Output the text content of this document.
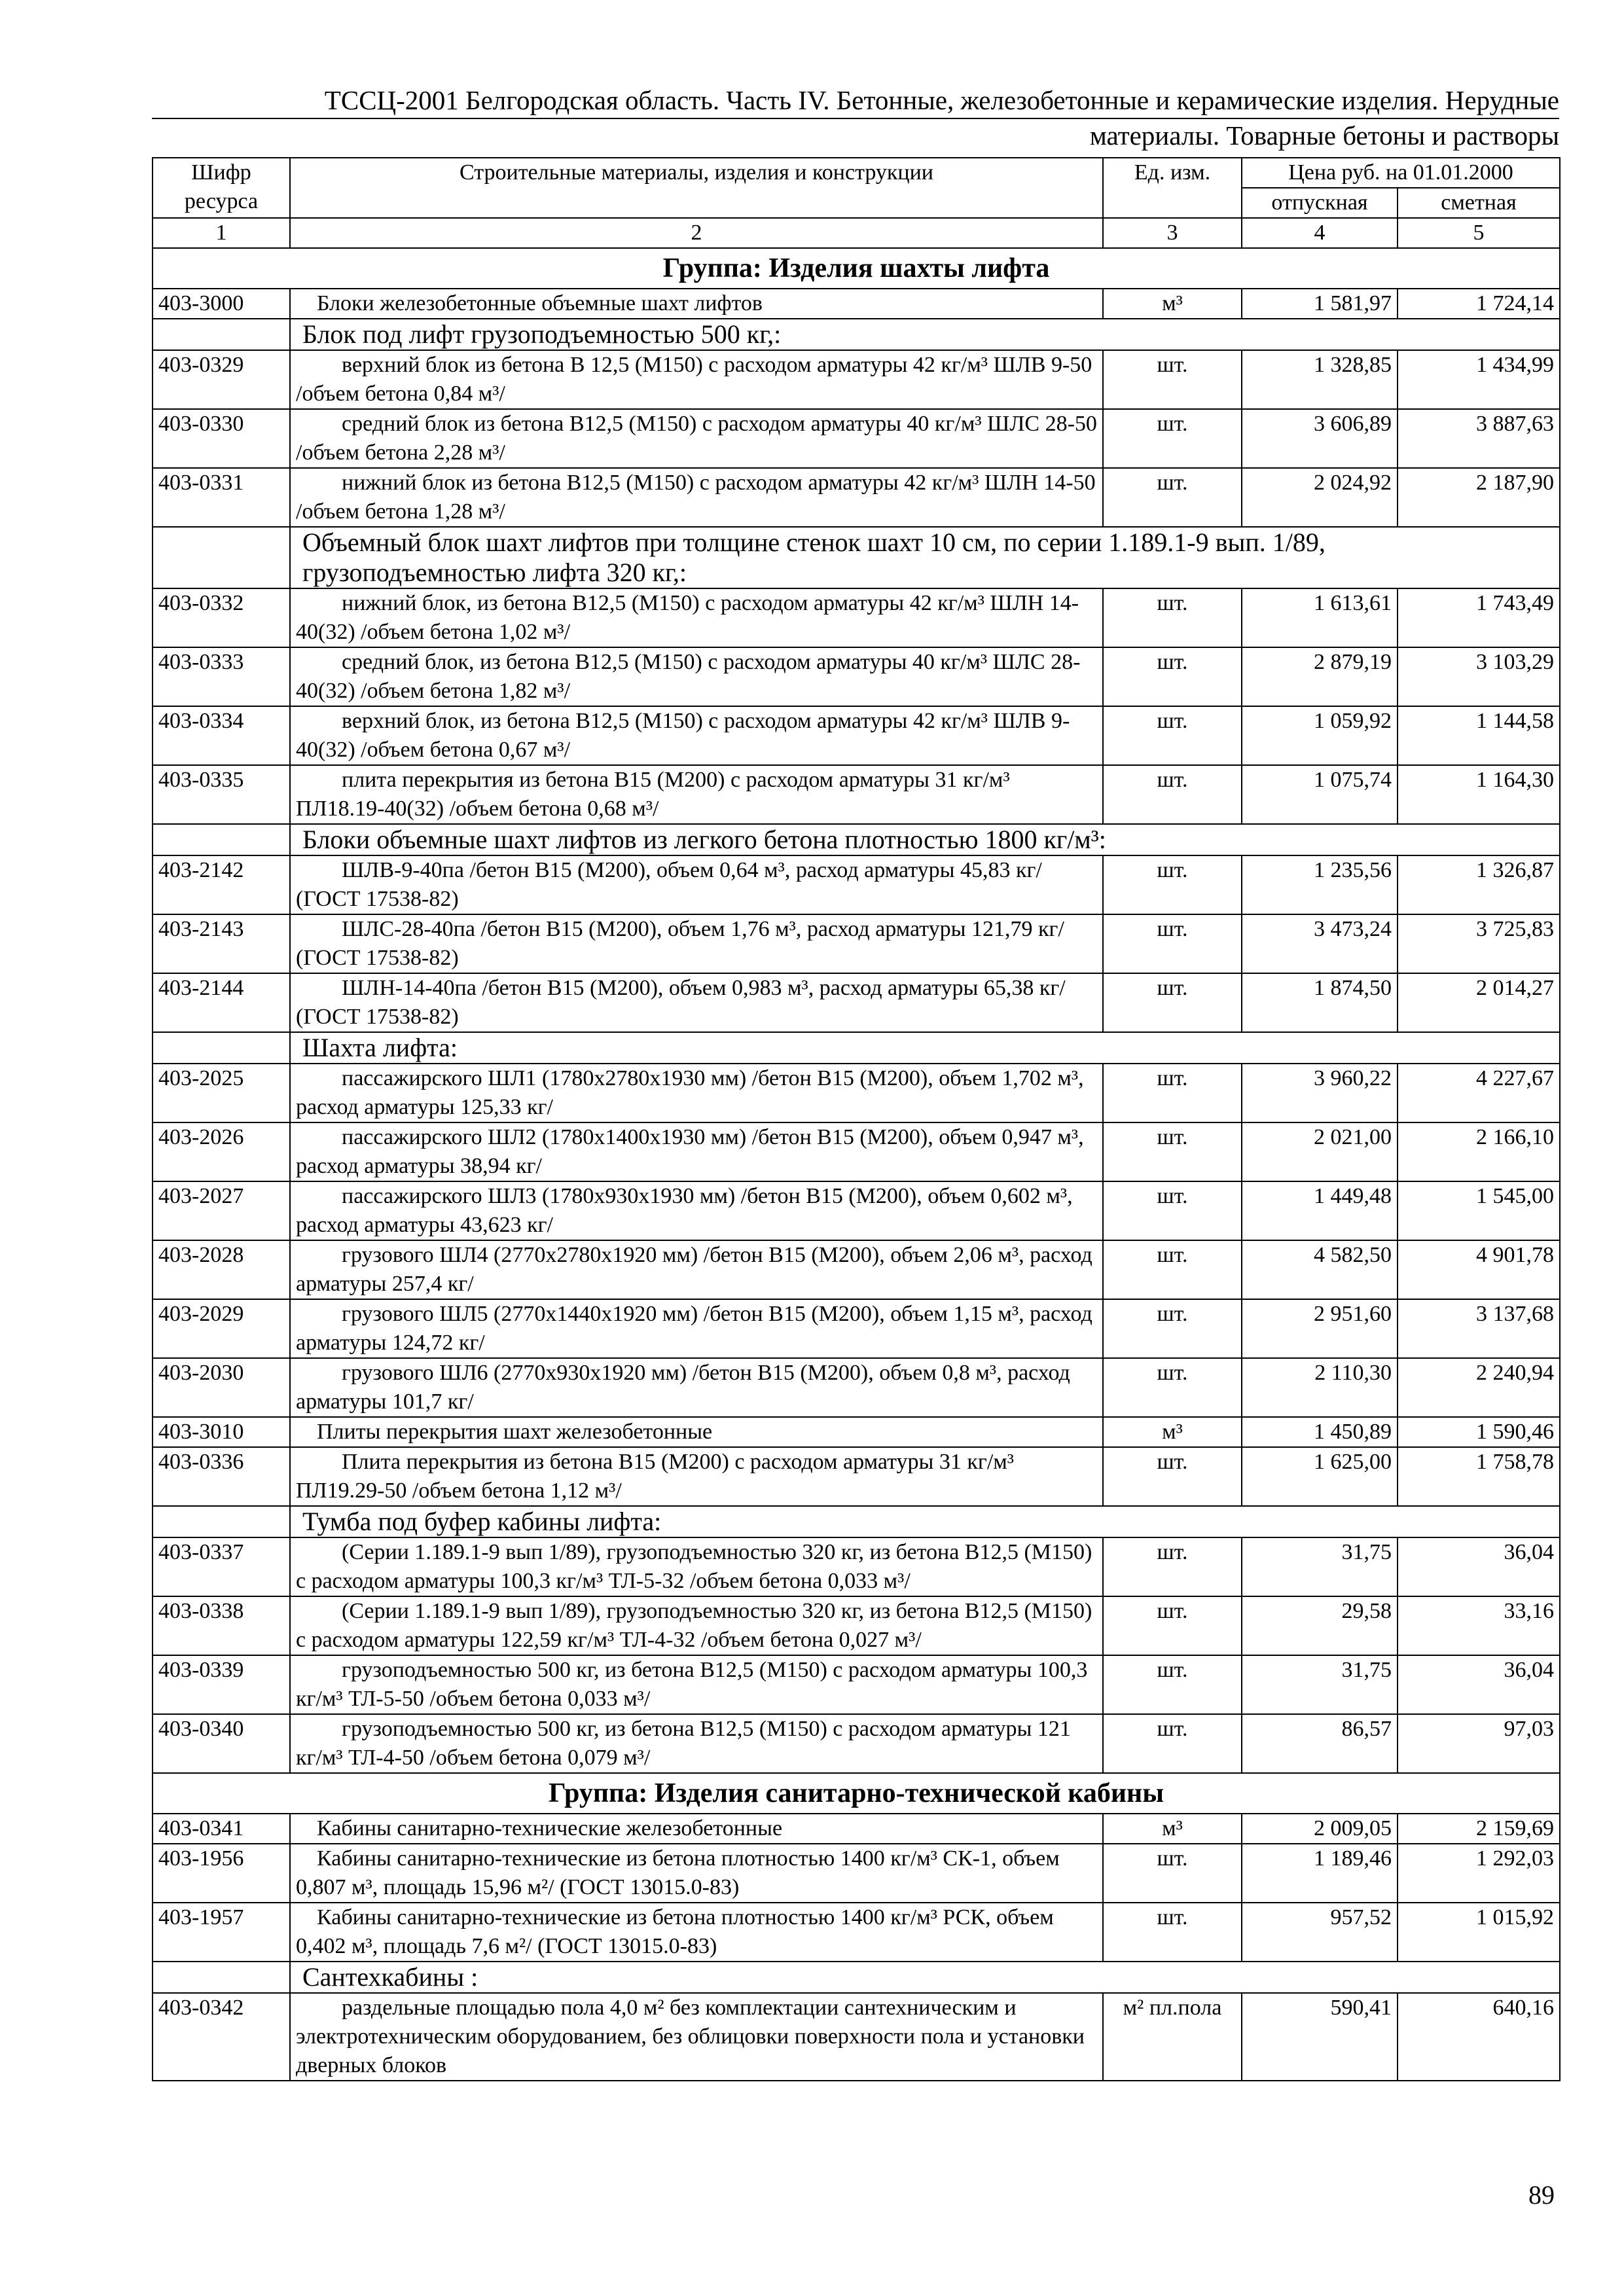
ТССЦ-2001 Белгородская область. Часть IV. Бетонные, железобетонные и керамические изделия. Нерудные
материалы. Товарные бетоны и растворы
Шифр ресурса	Строительные материалы, изделия и конструкции	Ед. изм.	Цена руб. на 01.01.2000	
			отпускная	сметная
1	2	3	4	5
Группа: Изделия шахты лифта				
403-3000	Блоки железобетонные объемные шахт лифтов	м³	1 581,97	1 724,14
	Блок под лифт грузоподъемностью 500 кг,:			
403-0329	верхний блок из бетона В 12,5 (М150) с расходом арматуры 42 кг/м³ ШЛВ 9-50 /объем бетона 0,84 м³/	шт.	1 328,85	1 434,99
403-0330	средний блок из бетона В12,5 (М150) с расходом арматуры 40 кг/м³ ШЛС 28-50 /объем бетона 2,28 м³/	шт.	3 606,89	3 887,63
403-0331	нижний блок из бетона В12,5 (М150) с расходом арматуры 42 кг/м³ ШЛН 14-50 /объем бетона 1,28 м³/	шт.	2 024,92	2 187,90
	Объемный блок шахт лифтов при толщине стенок шахт 10 см, по серии 1.189.1-9 вып. 1/89, грузоподъемностью лифта 320 кг,:			
403-0332	нижний блок, из бетона В12,5 (М150) с расходом арматуры 42 кг/м³ ШЛН 14-40(32) /объем бетона 1,02 м³/	шт.	1 613,61	1 743,49
403-0333	средний блок, из бетона В12,5 (М150) с расходом арматуры 40 кг/м³ ШЛС 28-40(32) /объем бетона 1,82 м³/	шт.	2 879,19	3 103,29
403-0334	верхний блок, из бетона В12,5 (М150) с расходом арматуры 42 кг/м³ ШЛВ 9-40(32) /объем бетона 0,67 м³/	шт.	1 059,92	1 144,58
403-0335	плита перекрытия из бетона В15 (М200) с расходом арматуры 31 кг/м³ ПЛ18.19-40(32) /объем бетона 0,68 м³/	шт.	1 075,74	1 164,30
	Блоки объемные шахт лифтов из легкого бетона плотностью 1800 кг/м³:			
403-2142	ШЛВ-9-40па /бетон В15 (М200), объем 0,64 м³, расход арматуры 45,83 кг/ (ГОСТ 17538-82)	шт.	1 235,56	1 326,87
403-2143	ШЛС-28-40па /бетон В15 (М200), объем 1,76 м³, расход арматуры 121,79 кг/ (ГОСТ 17538-82)	шт.	3 473,24	3 725,83
403-2144	ШЛН-14-40па /бетон В15 (М200), объем 0,983 м³, расход арматуры 65,38 кг/ (ГОСТ 17538-82)	шт.	1 874,50	2 014,27
	Шахта лифта:			
403-2025	пассажирского ШЛ1 (1780х2780х1930 мм) /бетон В15 (М200), объем 1,702 м³, расход арматуры 125,33 кг/	шт.	3 960,22	4 227,67
403-2026	пассажирского ШЛ2 (1780х1400х1930 мм) /бетон В15 (М200), объем 0,947 м³, расход арматуры 38,94 кг/	шт.	2 021,00	2 166,10
403-2027	пассажирского ШЛ3 (1780х930х1930 мм) /бетон В15 (М200), объем 0,602 м³, расход арматуры 43,623 кг/	шт.	1 449,48	1 545,00
403-2028	грузового ШЛ4 (2770х2780х1920 мм) /бетон В15 (М200), объем 2,06 м³, расход арматуры 257,4 кг/	шт.	4 582,50	4 901,78
403-2029	грузового ШЛ5 (2770х1440х1920 мм) /бетон В15 (М200), объем 1,15 м³, расход арматуры 124,72 кг/	шт.	2 951,60	3 137,68
403-2030	грузового ШЛ6 (2770х930х1920 мм) /бетон В15 (М200), объем 0,8 м³, расход арматуры 101,7 кг/	шт.	2 110,30	2 240,94
403-3010	Плиты перекрытия шахт железобетонные	м³	1 450,89	1 590,46
403-0336	Плита перекрытия из бетона В15 (М200) с расходом арматуры 31 кг/м³ ПЛ19.29-50 /объем бетона 1,12 м³/	шт.	1 625,00	1 758,78
	Тумба под буфер кабины лифта:			
403-0337	(Серии 1.189.1-9 вып 1/89), грузоподъемностью 320 кг, из бетона В12,5 (М150) с расходом арматуры 100,3 кг/м³ ТЛ-5-32 /объем бетона 0,033 м³/	шт.	31,75	36,04
403-0338	(Серии 1.189.1-9 вып 1/89), грузоподъемностью 320 кг, из бетона В12,5 (М150) с расходом арматуры 122,59 кг/м³ ТЛ-4-32 /объем бетона 0,027 м³/	шт.	29,58	33,16
403-0339	грузоподъемностью 500 кг, из бетона В12,5 (М150) с расходом арматуры 100,3 кг/м³ ТЛ-5-50 /объем бетона 0,033 м³/	шт.	31,75	36,04
403-0340	грузоподъемностью 500 кг, из бетона В12,5 (М150) с расходом арматуры 121 кг/м³ ТЛ-4-50 /объем бетона 0,079 м³/	шт.	86,57	97,03
Группа: Изделия санитарно-технической кабины				
403-0341	Кабины санитарно-технические железобетонные	м³	2 009,05	2 159,69
403-1956	Кабины санитарно-технические из бетона плотностью 1400 кг/м³ СК-1, объем 0,807 м³, площадь 15,96 м²/ (ГОСТ 13015.0-83)	шт.	1 189,46	1 292,03
403-1957	Кабины санитарно-технические из бетона плотностью 1400 кг/м³ РСК, объем 0,402 м³, площадь 7,6 м²/ (ГОСТ 13015.0-83)	шт.	957,52	1 015,92
	Сантехкабины :			
403-0342	раздельные площадью пола 4,0 м² без комплектации сантехническим и электротехническим оборудованием, без облицовки поверхности пола и установки дверных блоков	м² пл.пола	590,41	640,16
89
